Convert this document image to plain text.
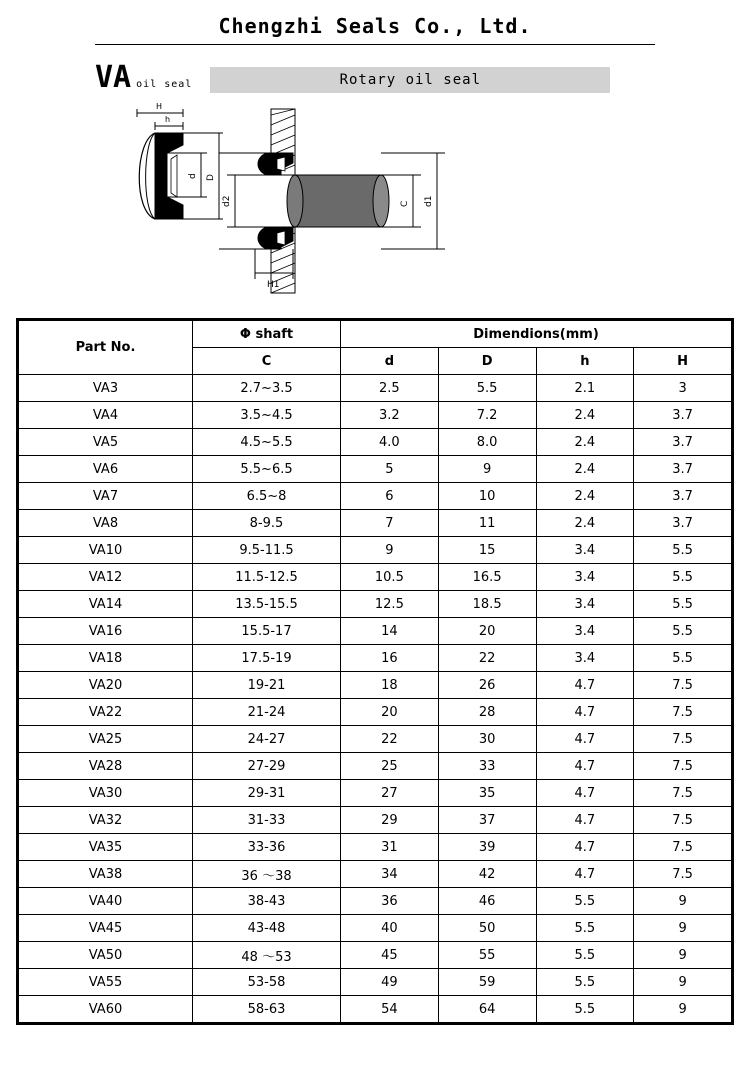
Chengzhi Seals Co., Ltd.
VA oil seal	Rotary oil seal
H
h
d D
d2	d1
C
H1
Part No.	Φ shaft	Dimendions(mm)			
	C	d	D	h	H
VA3	2.7~3.5	2.5	5.5	2.1	3
VA4	3.5~4.5	3.2	7.2	2.4	3.7
VA5	4.5~5.5	4.0	8.0	2.4	3.7
VA6	5.5~6.5	5	9	2.4	3.7
VA7	6.5~8	6	10	2.4	3.7
VA8	8-9.5	7	11	2.4	3.7
VA10	9.5-11.5	9	15	3.4	5.5
VA12	11.5-12.5	10.5	16.5	3.4	5.5
VA14	13.5-15.5	12.5	18.5	3.4	5.5
VA16	15.5-17	14	20	3.4	5.5
VA18	17.5-19	16	22	3.4	5.5
VA20	19-21	18	26	4.7	7.5
VA22	21-24	20	28	4.7	7.5
VA25	24-27	22	30	4.7	7.5
VA28	27-29	25	33	4.7	7.5
VA30	29-31	27	35	4.7	7.5
VA32	31-33	29	37	4.7	7.5
VA35	33-36	31	39	4.7	7.5
VA38	36 ～38	34	42	4.7	7.5
VA40	38-43	36	46	5.5	9
VA45	43-48	40	50	5.5	9
VA50	48 ～53	45	55	5.5	9
VA55	53-58	49	59	5.5	9
VA60	58-63	54	64	5.5	9
